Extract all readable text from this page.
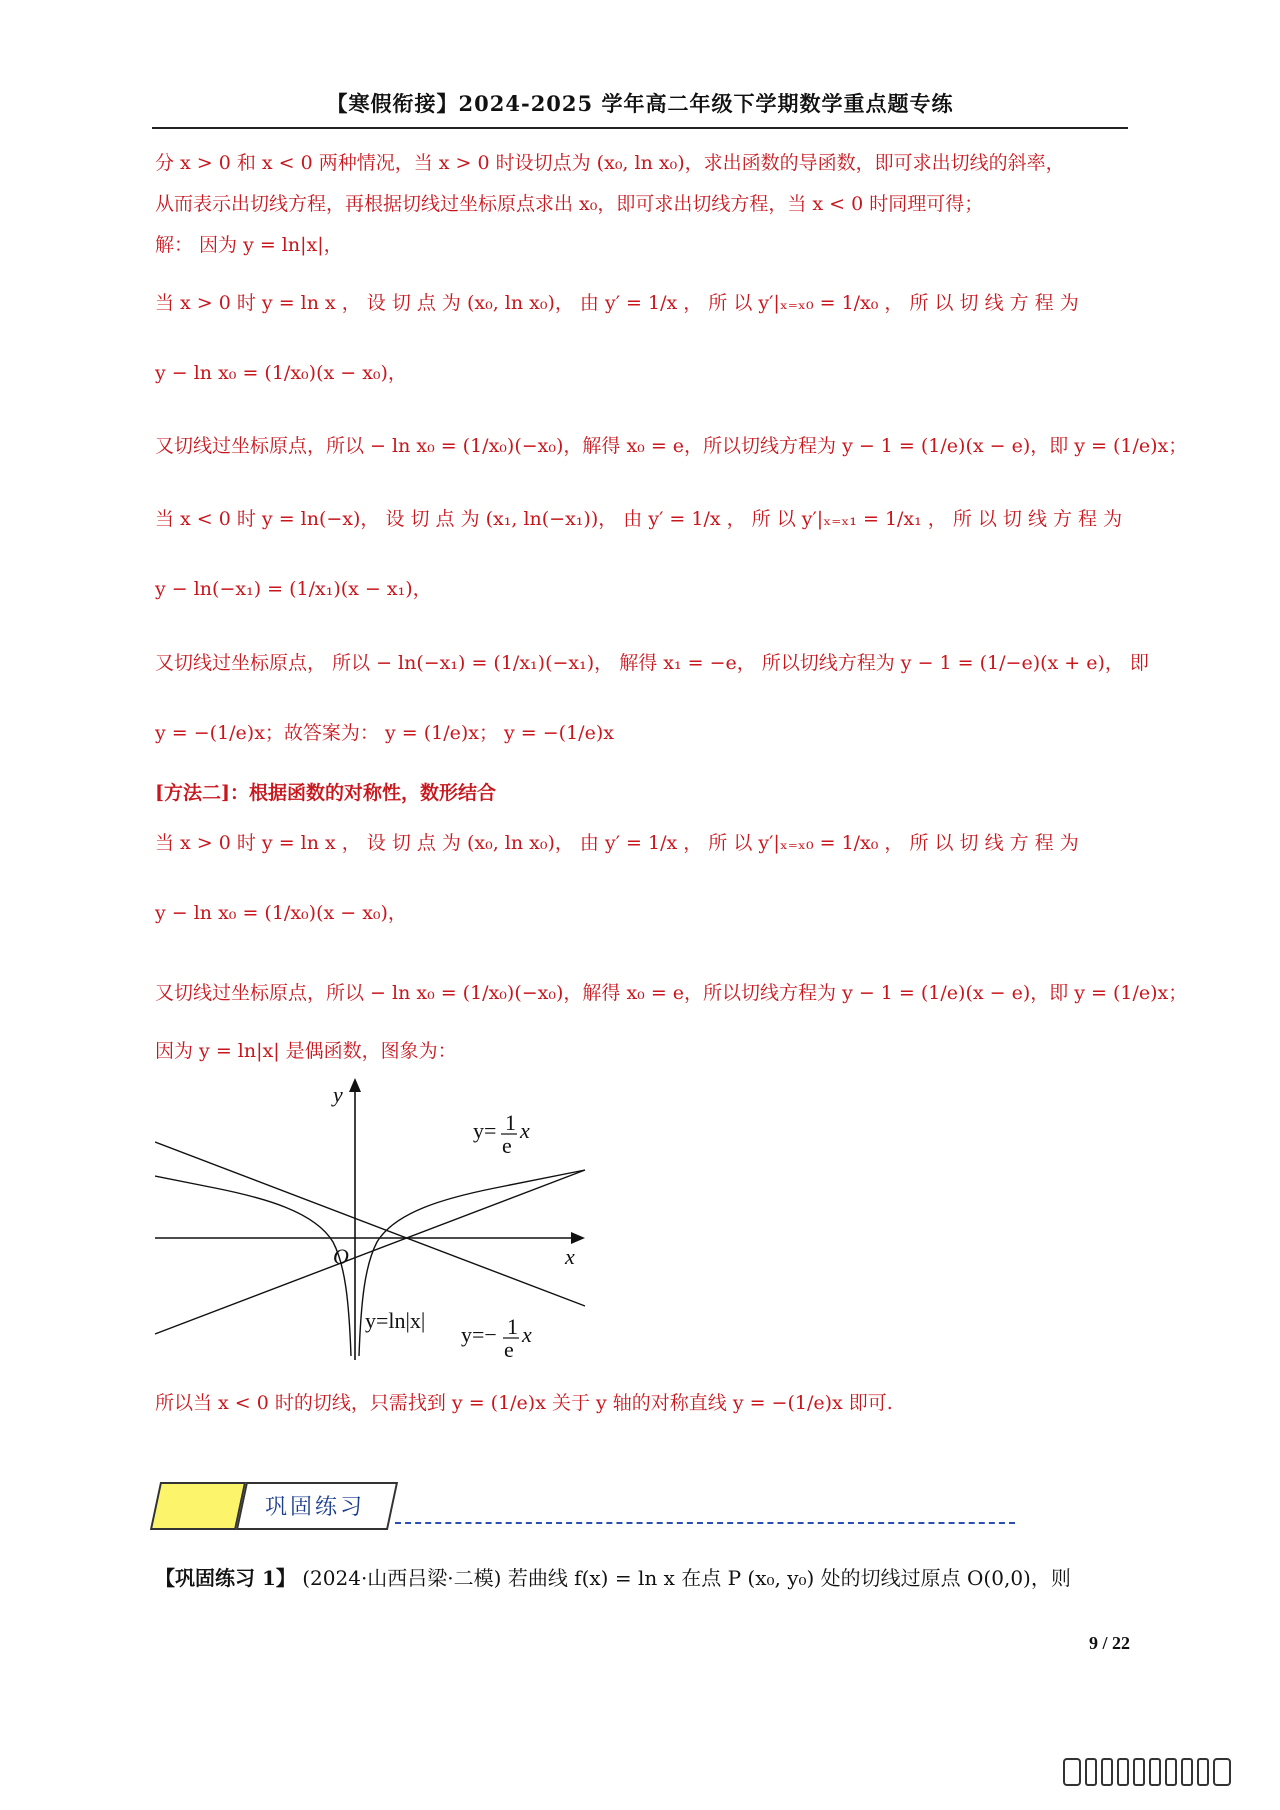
【寒假衔接】2024-2025 学年高二年级下学期数学重点题专练
分 x > 0 和 x < 0 两种情况，当 x > 0 时设切点为 (x₀, ln x₀)，求出函数的导函数，即可求出切线的斜率，
从而表示出切线方程，再根据切线过坐标原点求出 x₀，即可求出切线方程，当 x < 0 时同理可得；
解： 因为 y = ln|x|，
当 x > 0 时 y = ln x ， 设 切 点 为 (x₀, ln x₀)， 由 y′ = 1/x ， 所 以 y′|ₓ₌ₓ₀ = 1/x₀ ， 所 以 切 线 方 程 为
y − ln x₀ = (1/x₀)(x − x₀)，
又切线过坐标原点，所以 − ln x₀ = (1/x₀)(−x₀)，解得 x₀ = e，所以切线方程为 y − 1 = (1/e)(x − e)，即 y = (1/e)x；
当 x < 0 时 y = ln(−x)， 设 切 点 为 (x₁, ln(−x₁))， 由 y′ = 1/x ， 所 以 y′|ₓ₌ₓ₁ = 1/x₁ ， 所 以 切 线 方 程 为
y − ln(−x₁) = (1/x₁)(x − x₁)，
又切线过坐标原点， 所以 − ln(−x₁) = (1/x₁)(−x₁)， 解得 x₁ = −e， 所以切线方程为 y − 1 = (1/−e)(x + e)， 即
y = −(1/e)x；故答案为： y = (1/e)x； y = −(1/e)x
[方法二]：根据函数的对称性，数形结合
当 x > 0 时 y = ln x ， 设 切 点 为 (x₀, ln x₀)， 由 y′ = 1/x ， 所 以 y′|ₓ₌ₓ₀ = 1/x₀ ， 所 以 切 线 方 程 为
y − ln x₀ = (1/x₀)(x − x₀)，
又切线过坐标原点，所以 − ln x₀ = (1/x₀)(−x₀)，解得 x₀ = e，所以切线方程为 y − 1 = (1/e)(x − e)，即 y = (1/e)x；
因为 y = ln|x| 是偶函数，图象为：
y
x
O
y= 1
e
x
y=ln|x|
y=− 1
e
x
所以当 x < 0 时的切线，只需找到 y = (1/e)x 关于 y 轴的对称直线 y = −(1/e)x 即可.
巩固练习
【巩固练习 1】 (2024·山西吕梁·二模) 若曲线 f(x) = ln x 在点 P (x₀, y₀) 处的切线过原点 O(0,0)，则
9 / 22
